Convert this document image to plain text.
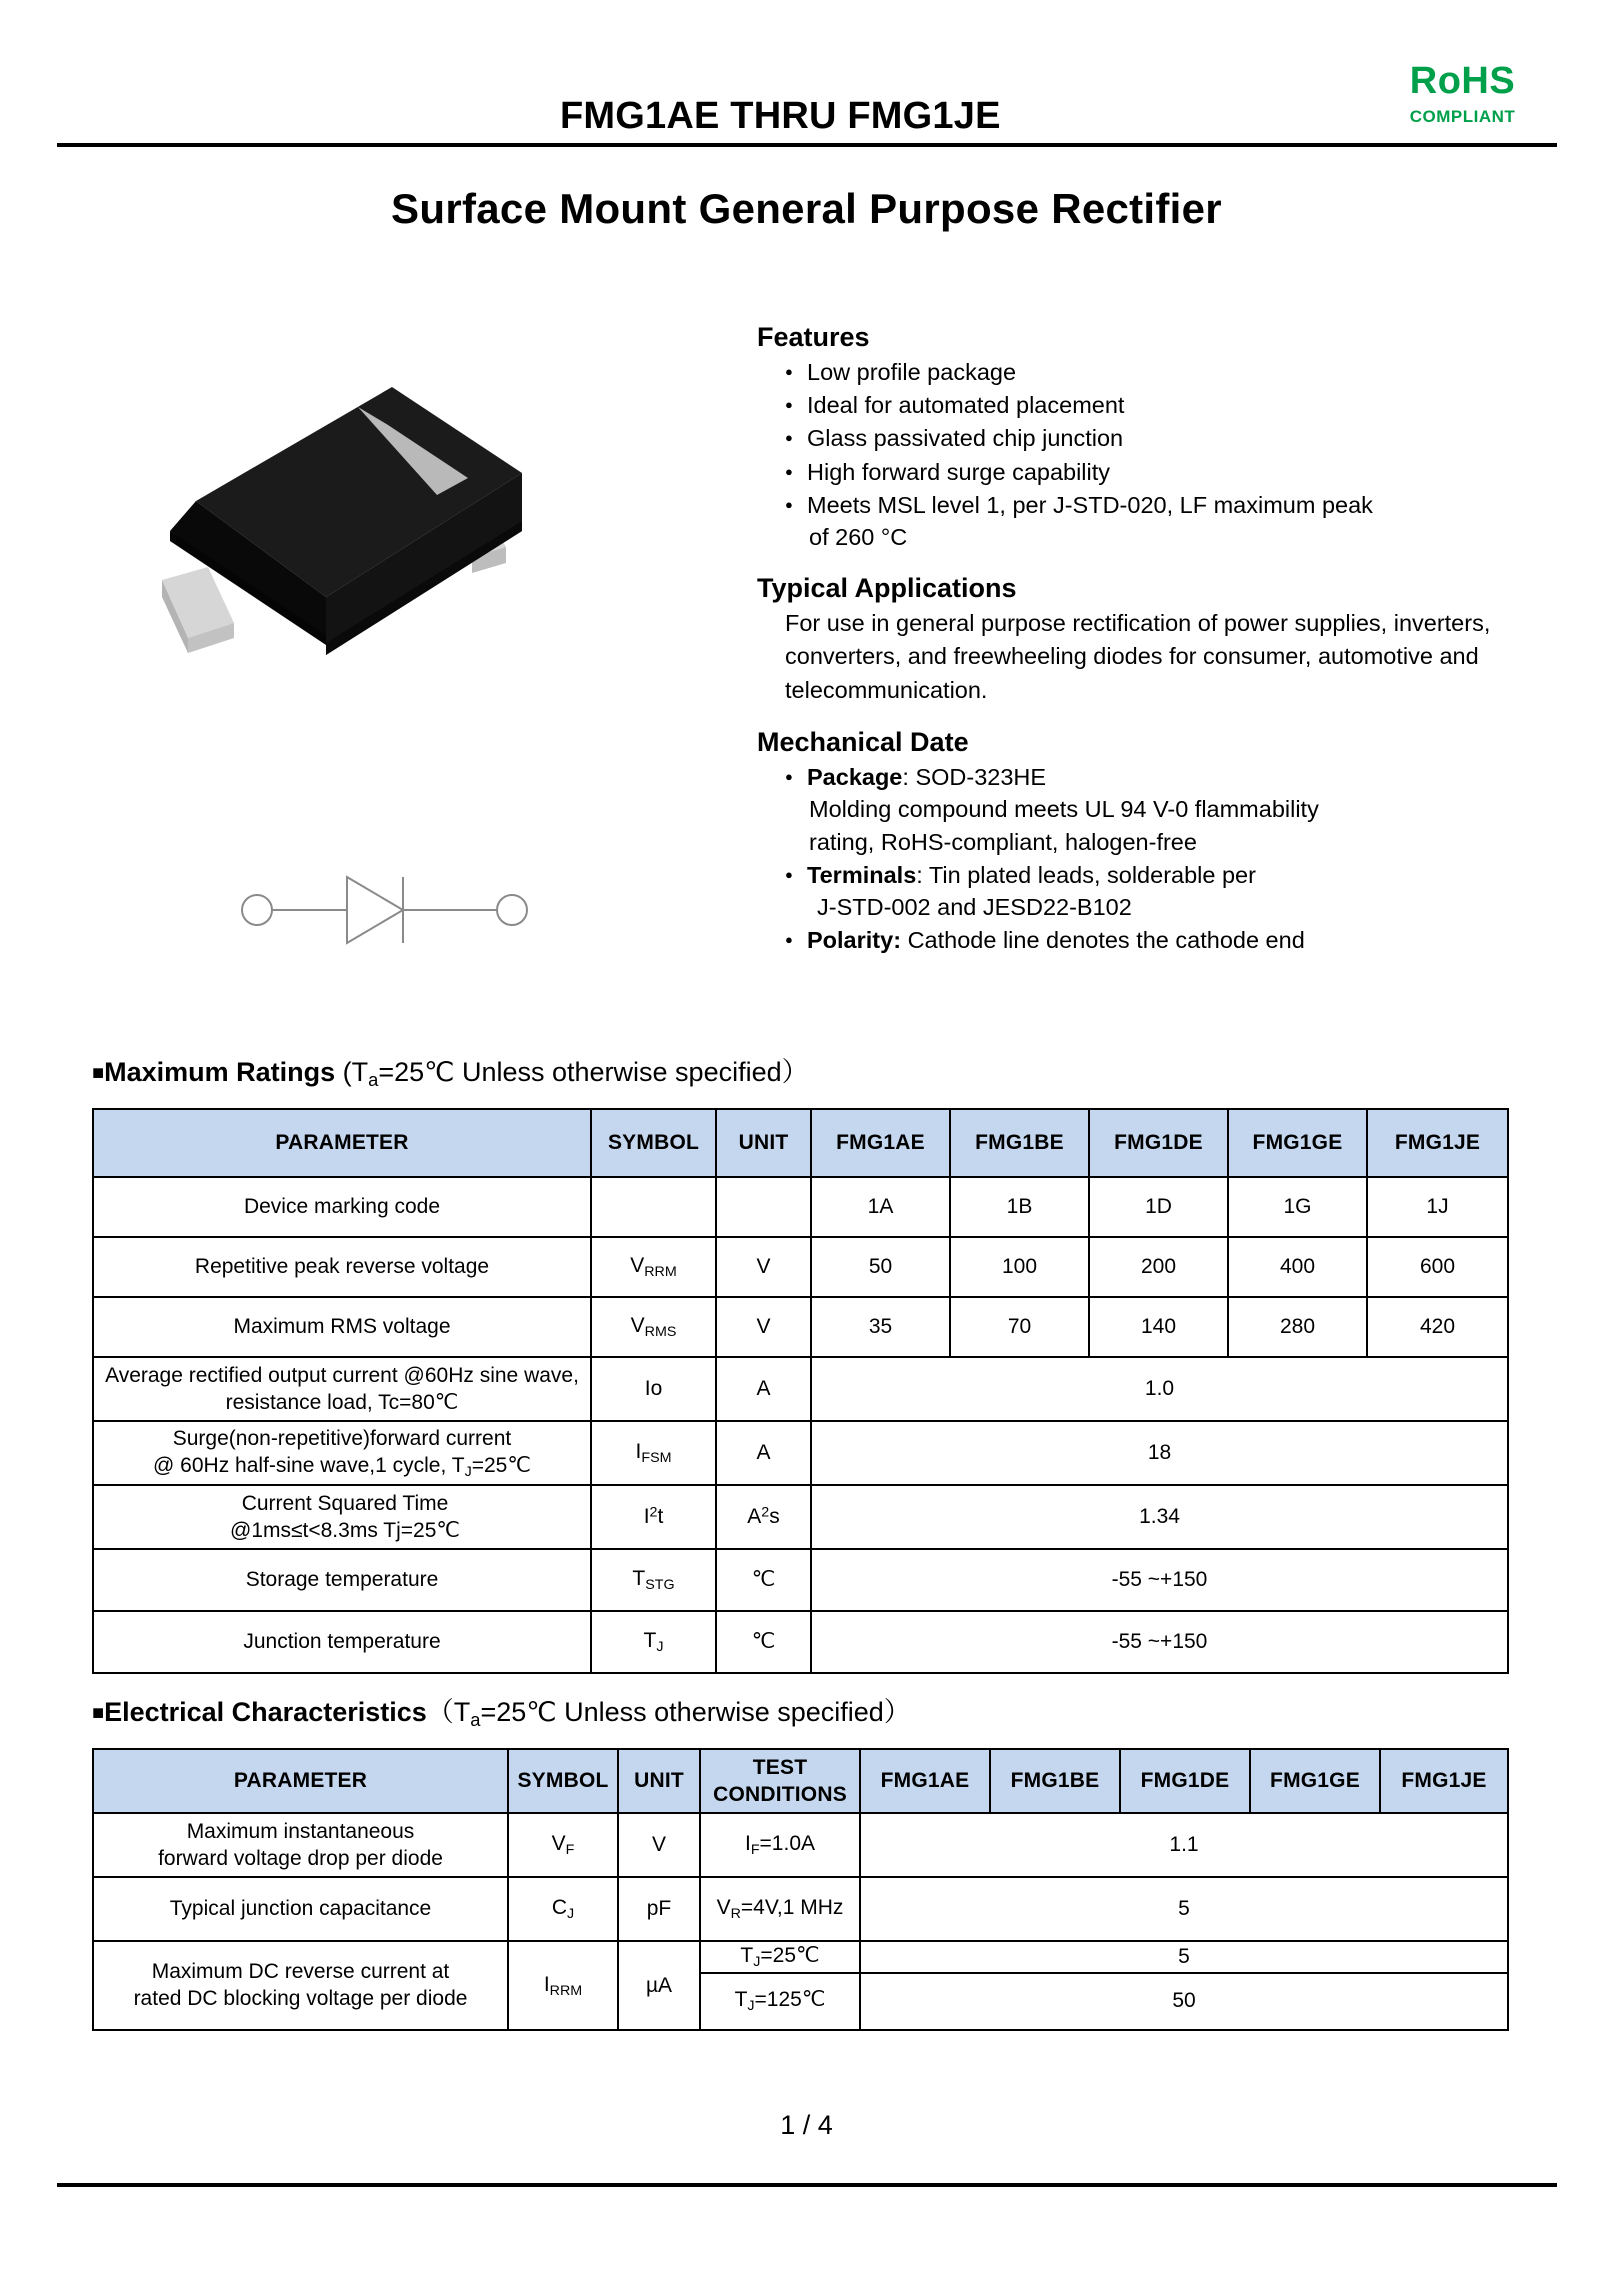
FMG1AE THRU FMG1JE
RoHS
COMPLIANT
Surface Mount General Purpose Rectifier
Features
● Low profile package
● Ideal for automated placement
● Glass passivated chip junction
● High forward surge capability
● Meets MSL level 1, per J-STD-020, LF maximum peak
of 260 °C
Typical Applications

For use in general purpose rectification of power supplies, inverters, converters, and freewheeling diodes for consumer, automotive and telecommunication.

Mechanical Date
● Package: SOD-323HE
Molding compound meets UL 94 V-0 flammability
rating, RoHS-compliant, halogen-free
● Terminals: Tin plated leads, solderable per
J-STD-002 and JESD22-B102
● Polarity: Cathode line denotes the cathode end
■Maximum Ratings ($T_a=25℃$ Unless otherwise specified）
PARAMETER	SYMBOL	UNIT	FMG1AE	FMG1BE	FMG1DE	FMG1GE	FMG1JE
Device marking code			1A	1B	1D	1G	1J
Repetitive peak reverse voltage	$V_{RRM}$	V	50	100	200	400	600
Maximum RMS voltage	$V_{RMS}$	V	35	70	140	280	420

Average rectified output current @60Hz sine wave,
resistance load, Tc=80℃	Io	A	1.0				

Surge(non-repetitive)forward current
@ 60Hz half-sine wave,1 cycle, $T_J=25℃$	$I_{FSM}$	A	18				

Current Squared Time
@1ms≤t<8.3ms Tj=25℃	$I^2t$	$A^2s$	1.34				
Storage temperature	$T_{STG}$	℃	-55 ~+150				
Junction temperature	$T_J$	℃	-55 ~+150				
■Electrical $Characteristics(T_a=25℃$ Unless otherwise specified）
PARAMETER	SYMBOL	UNIT	TEST
CONDITIONS	FMG1AE	FMG1BE	FMG1DE	FMG1GE	FMG1JE

Maximum instantaneous
forward voltage drop per diode	$V_F$	V	$I_F=1.0A$	1.1				
Typical junction capacitance	$C_J$	pF	$V_R=4V,1$ MHz	5				

Maximum DC reverse current at
rated DC blocking voltage per diode	$I_{RRM}$	µA	$T_J=25℃$	5				
			$T_J=125℃$	50				
1 / 4
